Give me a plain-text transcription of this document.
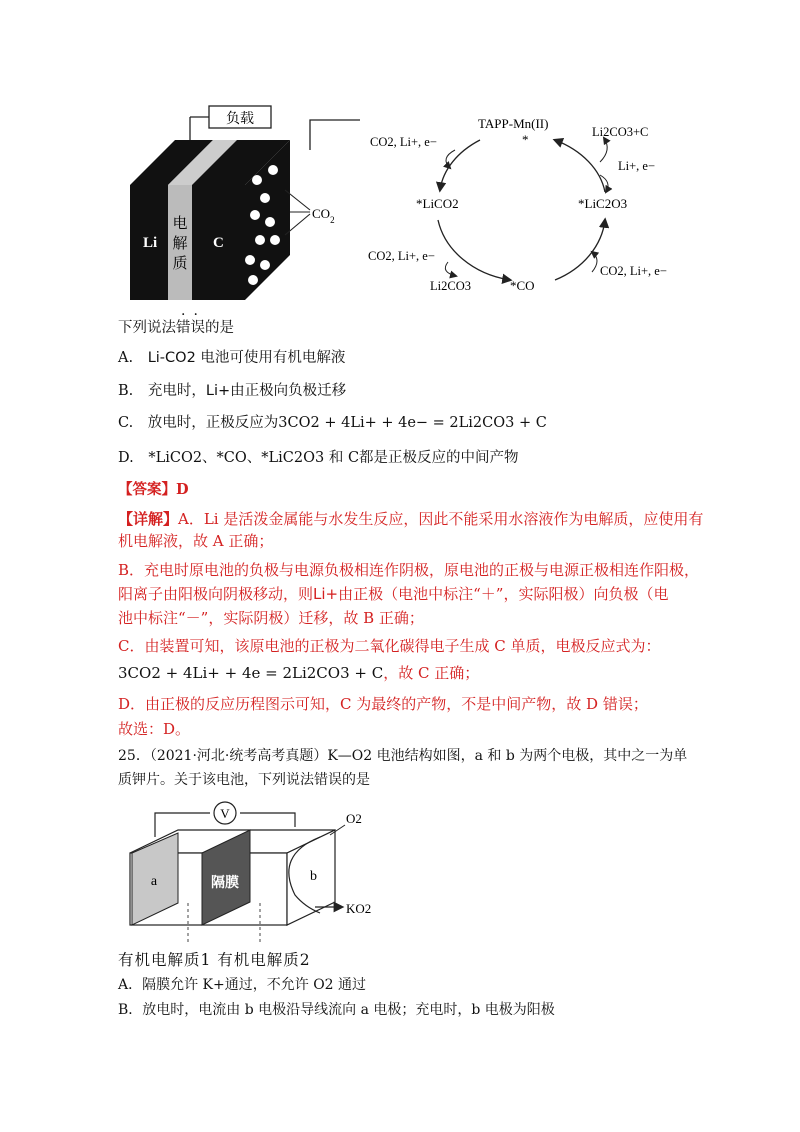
负载
Li
电
解
质
C
$CO_2$
TAPP-Mn(II)
*
CO2, Li+, e−
Li2CO3+C
Li+, e−
*LiCO2	*LiC2O3
CO2, Li+, e−
Li2CO3	*CO
CO2, Li+, e−
··
下列说法错误的是
A. Li-CO2 电池可使用有机电解液
B. 充电时，Li+由正极向负极迁移
C. 放电时，正极反应为3CO2 + 4Li+ + 4e− = 2Li2CO3 + C
D. *LiCO2、*CO、*LiC2O3 和 C都是正极反应的中间产物
【答案】D
【详解】A．Li 是活泼金属能与水发生反应，因此不能采用水溶液作为电解质，应使用有
机电解液，故 A 正确；
B．充电时原电池的负极与电源负极相连作阴极，原电池的正极与电源正极相连作阳极，
阳离子由阳极向阴极移动，则Li+由正极（电池中标注“＋”，实际阳极）向负极（电
池中标注“－”，实际阴极）迁移，故 B 正确；
C．由装置可知，该原电池的正极为二氧化碳得电子生成 C 单质，电极反应式为：
3CO2 + 4Li+ + 4e = 2Li2CO3 + C，故 C 正确；
D．由正极的反应历程图示可知，C 为最终的产物，不是中间产物，故 D 错误；
故选：D。
25．（2021·河北·统考高考真题）K—O2 电池结构如图，a 和 b 为两个电极，其中之一为单
质钾片。关于该电池，下列说法错误的是
V
a	隔膜	b
O2
KO2
有机电解质1 有机电解质2
A．隔膜允许 K+通过，不允许 O2 通过
B．放电时，电流由 b 电极沿导线流向 a 电极；充电时，b 电极为阳极
